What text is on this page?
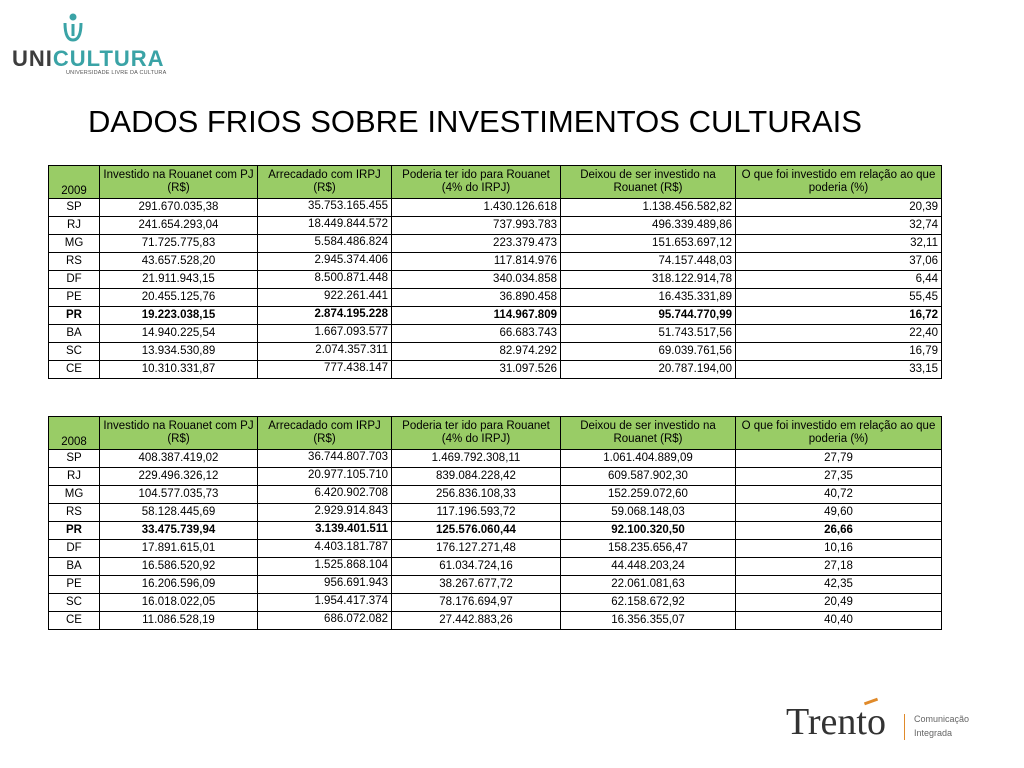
UNICULTURA
UNIVERSIDADE LIVRE DA CULTURA
DADOS FRIOS SOBRE INVESTIMENTOS CULTURAIS
2009	Investido na Rouanet com PJ (R$)	Arrecadado com IRPJ (R$)	Poderia ter ido para Rouanet (4% do IRPJ)	Deixou de ser investido na Rouanet (R$)	O que foi investido em relação ao que poderia (%)
SP	291.670.035,38	35.753.165.455	1.430.126.618	1.138.456.582,82	20,39
RJ	241.654.293,04	18.449.844.572	737.993.783	496.339.489,86	32,74
MG	71.725.775,83	5.584.486.824	223.379.473	151.653.697,12	32,11
RS	43.657.528,20	2.945.374.406	117.814.976	74.157.448,03	37,06
DF	21.911.943,15	8.500.871.448	340.034.858	318.122.914,78	6,44
PE	20.455.125,76	922.261.441	36.890.458	16.435.331,89	55,45
PR	19.223.038,15	2.874.195.228	114.967.809	95.744.770,99	16,72
BA	14.940.225,54	1.667.093.577	66.683.743	51.743.517,56	22,40
SC	13.934.530,89	2.074.357.311	82.974.292	69.039.761,56	16,79
CE	10.310.331,87	777.438.147	31.097.526	20.787.194,00	33,15
2008	Investido na Rouanet com PJ (R$)	Arrecadado com IRPJ (R$)	Poderia ter ido para Rouanet (4% do IRPJ)	Deixou de ser investido na Rouanet (R$)	O que foi investido em relação ao que poderia (%)
SP	408.387.419,02	36.744.807.703	1.469.792.308,11	1.061.404.889,09	27,79
RJ	229.496.326,12	20.977.105.710	839.084.228,42	609.587.902,30	27,35
MG	104.577.035,73	6.420.902.708	256.836.108,33	152.259.072,60	40,72
RS	58.128.445,69	2.929.914.843	117.196.593,72	59.068.148,03	49,60
PR	33.475.739,94	3.139.401.511	125.576.060,44	92.100.320,50	26,66
DF	17.891.615,01	4.403.181.787	176.127.271,48	158.235.656,47	10,16
BA	16.586.520,92	1.525.868.104	61.034.724,16	44.448.203,24	27,18
PE	16.206.596,09	956.691.943	38.267.677,72	22.061.081,63	42,35
SC	16.018.022,05	1.954.417.374	78.176.694,97	62.158.672,92	20,49
CE	11.086.528,19	686.072.082	27.442.883,26	16.356.355,07	40,40
Trento	Comunicação
Integrada
